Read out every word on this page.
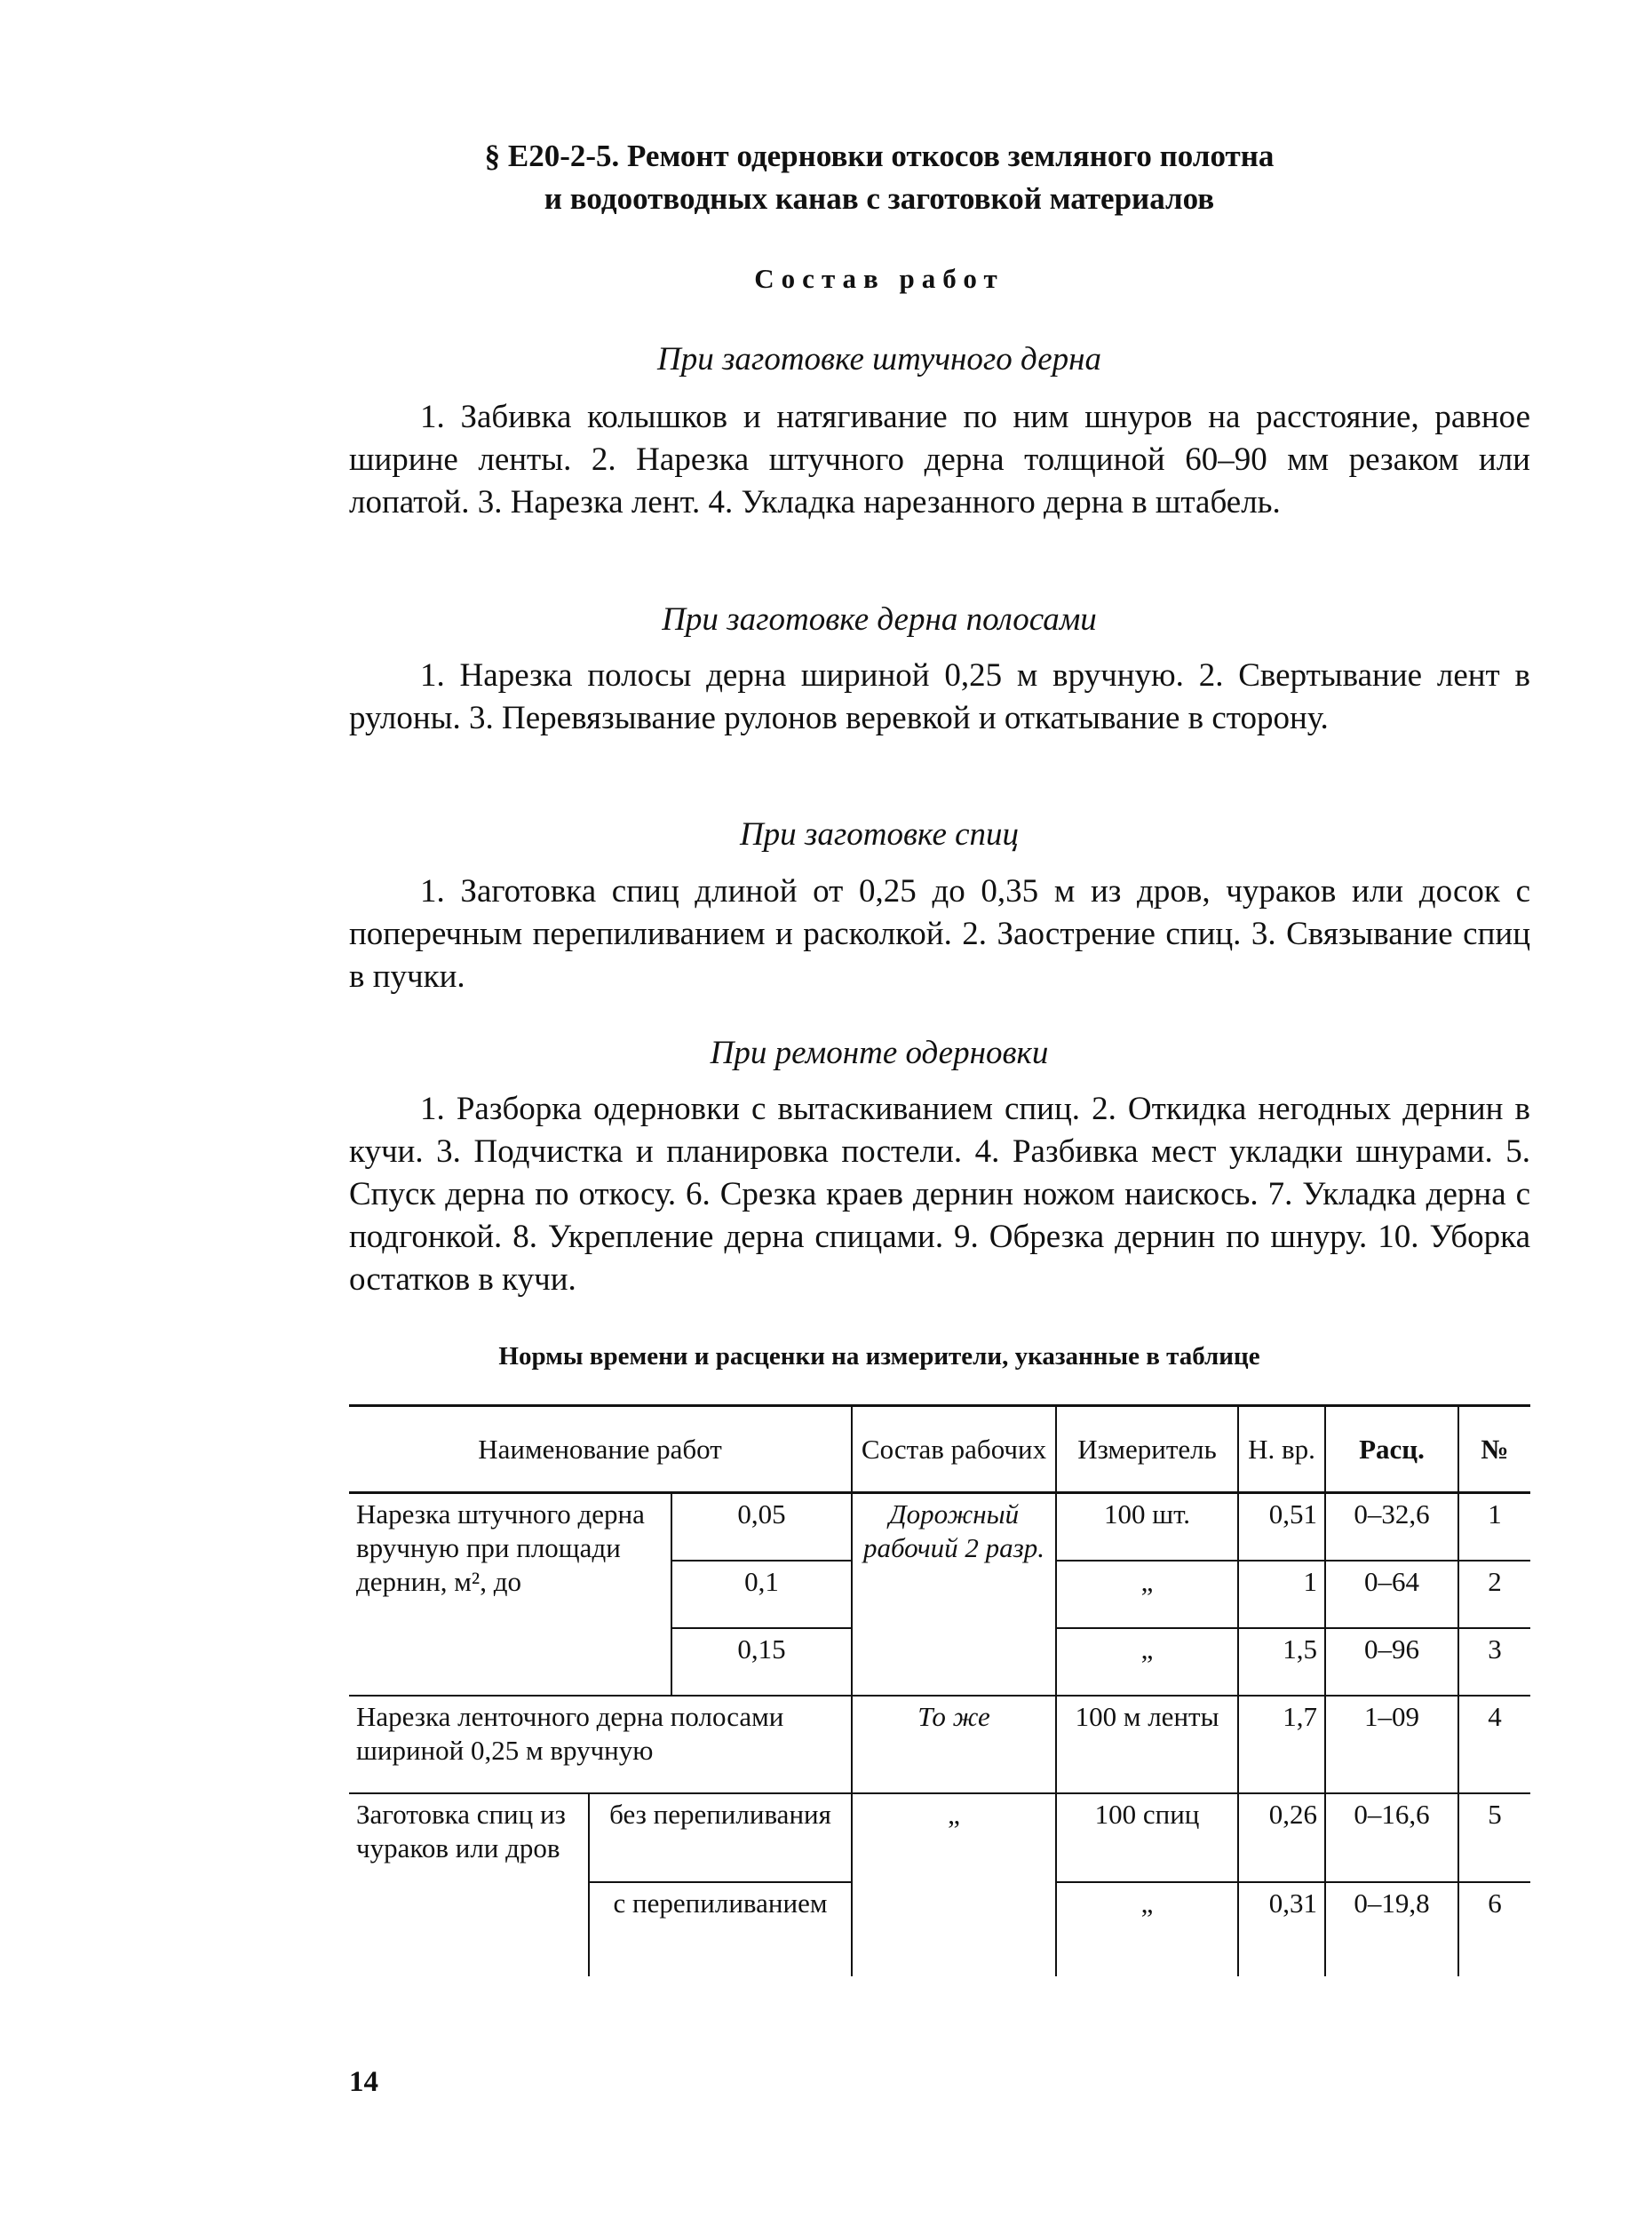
§ Е20-2-5. Ремонт одерновки откосов земляного полотна
и водоотводных канав с заготовкой материалов
Состав работ
При заготовке штучного дерна

1. Забивка колышков и натягивание по ним шнуров на расстояние, равное ширине ленты. 2. Нарезка штучного дерна толщиной 60–90 мм резаком или лопатой. 3. Нарезка лент. 4. Укладка нарезанного дерна в штабель.

При заготовке дерна полосами

1. Нарезка полосы дерна шириной 0,25 м вручную. 2. Свертывание лент в рулоны. 3. Перевязывание рулонов веревкой и откатывание в сторону.

При заготовке спиц

1. Заготовка спиц длиной от 0,25 до 0,35 м из дров, чураков или досок с поперечным перепиливанием и расколкой. 2. Заострение спиц. 3. Связывание спиц в пучки.

При ремонте одерновки

1. Разборка одерновки с вытаскиванием спиц. 2. Откидка негодных дернин в кучи. 3. Подчистка и планировка постели. 4. Разбивка мест укладки шнурами. 5. Спуск дерна по откосу. 6. Срезка краев дернин ножом наискось. 7. Укладка дерна с подгонкой. 8. Укрепление дерна спицами. 9. Обрезка дернин по шнуру. 10. Уборка остатков в кучи.

Нормы времени и расценки на измерители, указанные в таблице
Наименование работ			Состав рабочих	Измеритель	Н. вр.	Расц.	№
Нарезка штучного дерна вручную при площади дернин, м², до		0,05	Дорожный рабочий 2 разр.	100 шт.	0,51	0–32,6	1
		0,1		„	1	0–64	2
		0,15		„	1,5	0–96	3
Нарезка ленточного дерна полосами шириной 0,25 м вручную			То же	100 м ленты	1,7	1–09	4
Заготовка спиц из чураков или дров	без перепиливания		„	100 спиц	0,26	0–16,6	5
	с перепиливанием			„	0,31	0–19,8	6
14
